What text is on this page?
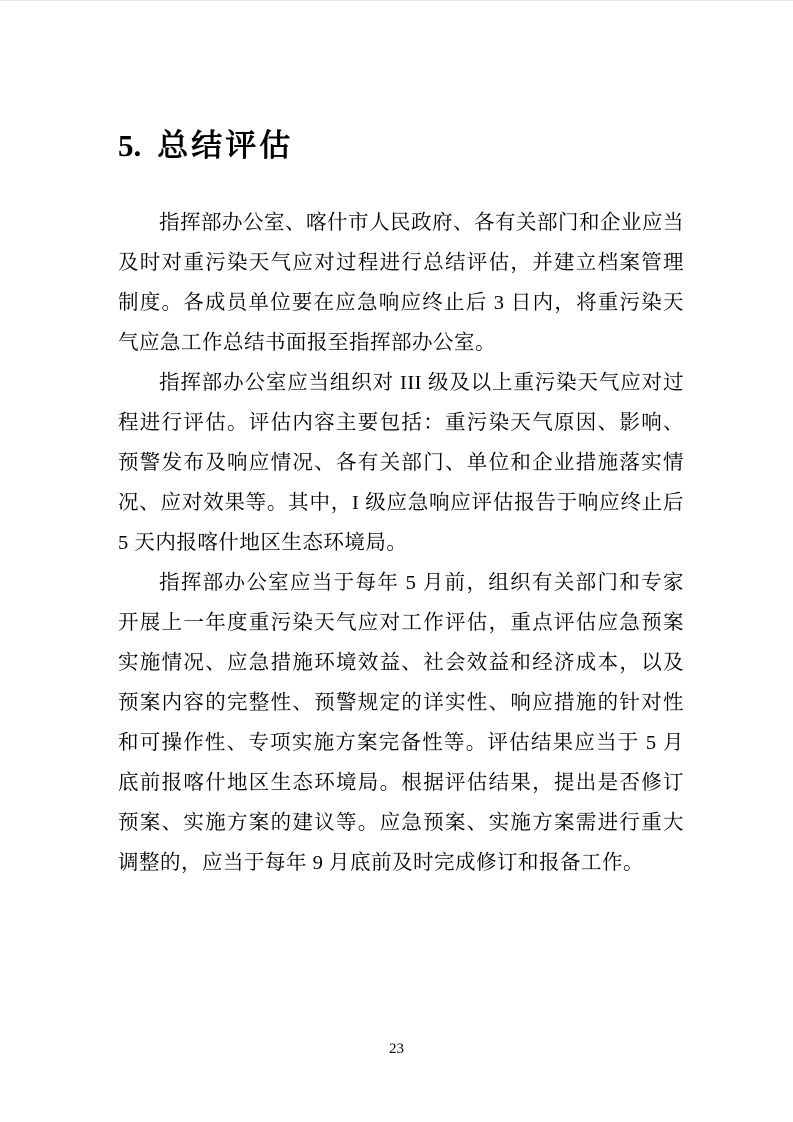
5. 总结评估

指挥部办公室、喀什市人民政府、各有关部门和企业应当及时对重污染天气应对过程进行总结评估，并建立档案管理制度。各成员单位要在应急响应终止后 3 日内，将重污染天气应急工作总结书面报至指挥部办公室。

指挥部办公室应当组织对 III 级及以上重污染天气应对过程进行评估。评估内容主要包括：重污染天气原因、影响、预警发布及响应情况、各有关部门、单位和企业措施落实情况、应对效果等。其中，I 级应急响应评估报告于响应终止后 5 天内报喀什地区生态环境局。

指挥部办公室应当于每年 5 月前，组织有关部门和专家开展上一年度重污染天气应对工作评估，重点评估应急预案实施情况、应急措施环境效益、社会效益和经济成本，以及预案内容的完整性、预警规定的详实性、响应措施的针对性和可操作性、专项实施方案完备性等。评估结果应当于 5 月底前报喀什地区生态环境局。根据评估结果，提出是否修订预案、实施方案的建议等。应急预案、实施方案需进行重大调整的，应当于每年 9 月底前及时完成修订和报备工作。

23
